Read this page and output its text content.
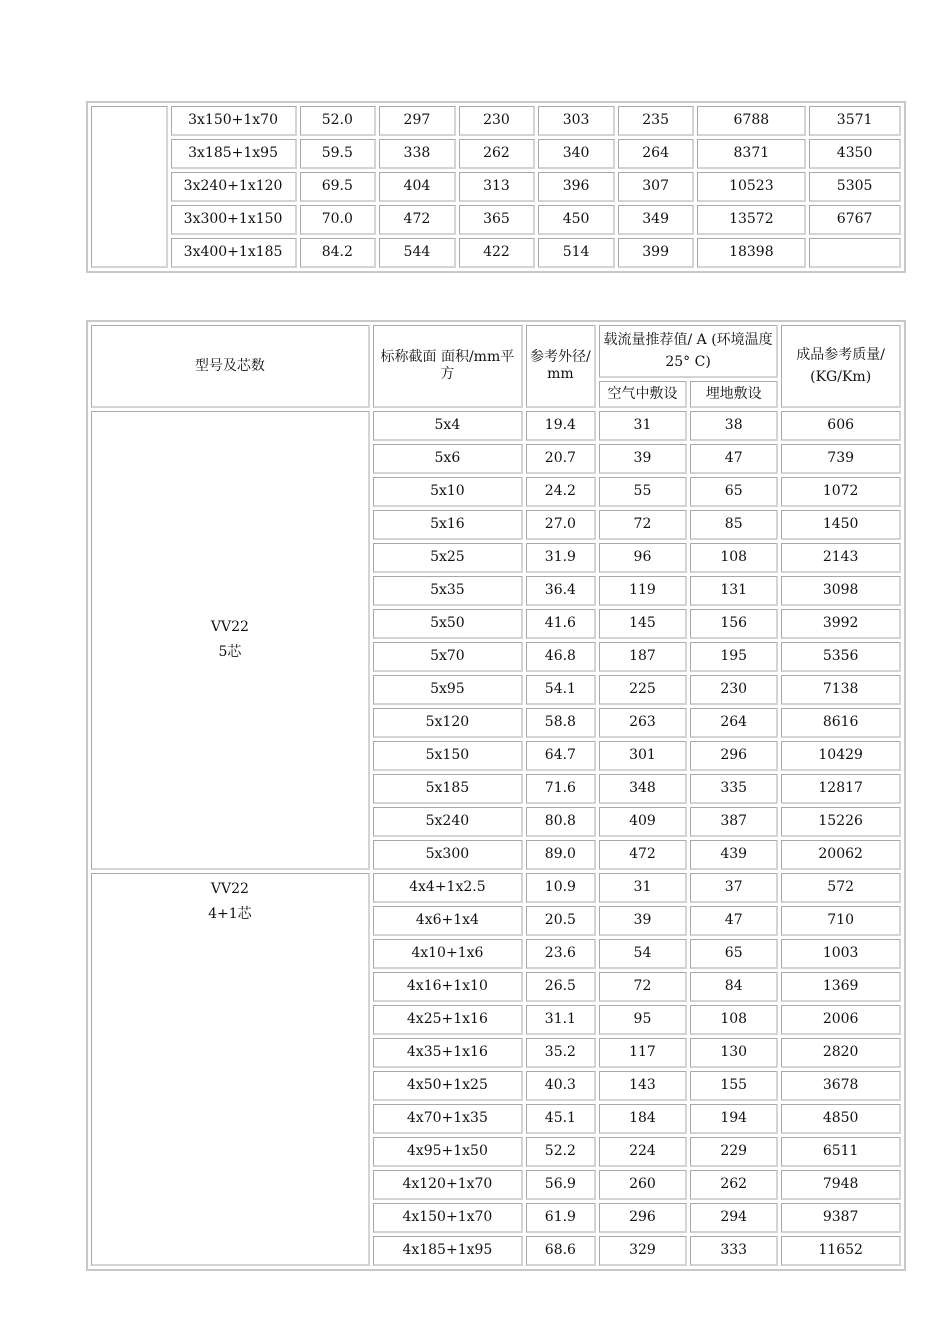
	3x150+1x70	52.0	297	230	303	235	6788	3571
	3x185+1x95	59.5	338	262	340	264	8371	4350
	3x240+1x120	69.5	404	313	396	307	10523	5305
	3x300+1x150	70.0	472	365	450	349	13572	6767
	3x400+1x185	84.2	544	422	514	399	18398	
型号及芯数	标称截面 面积/mm平方	参考外径/ mm	载流量推荐值/ A (环境温度25° C)		成品参考质量/ (KG/Km)
			空气中敷设	埋地敷设	

VV22
5芯	5x4	19.4	31	38	606
	5x6	20.7	39	47	739
	5x10	24.2	55	65	1072
	5x16	27.0	72	85	1450
	5x25	31.9	96	108	2143
	5x35	36.4	119	131	3098
	5x50	41.6	145	156	3992
	5x70	46.8	187	195	5356
	5x95	54.1	225	230	7138
	5x120	58.8	263	264	8616
	5x150	64.7	301	296	10429
	5x185	71.6	348	335	12817
	5x240	80.8	409	387	15226
	5x300	89.0	472	439	20062

VV22
4+1芯	4x4+1x2.5	10.9	31	37	572
	4x6+1x4	20.5	39	47	710
	4x10+1x6	23.6	54	65	1003
	4x16+1x10	26.5	72	84	1369
	4x25+1x16	31.1	95	108	2006
	4x35+1x16	35.2	117	130	2820
	4x50+1x25	40.3	143	155	3678
	4x70+1x35	45.1	184	194	4850
	4x95+1x50	52.2	224	229	6511
	4x120+1x70	56.9	260	262	7948
	4x150+1x70	61.9	296	294	9387
	4x185+1x95	68.6	329	333	11652
